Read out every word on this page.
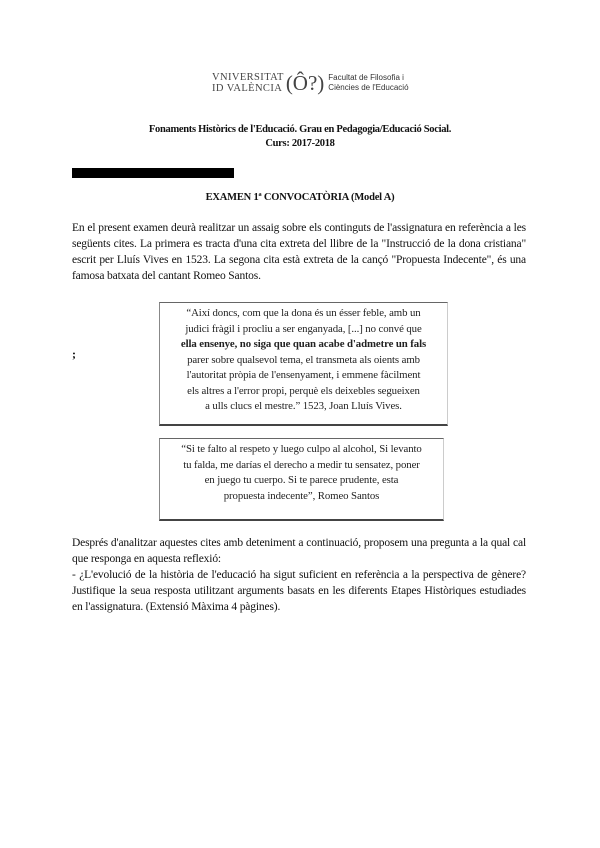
VNIVERSITAT
ID VALÈNCIA (Ô?) Facultat de Filosofia i
Ciències de l'Educació
Fonaments Històrics de l'Educació. Grau en Pedagogia/Educació Social.
Curs: 2017-2018
EXAMEN 1ª CONVOCATÒRIA (Model A)
En el present examen deurà realitzar un assaig sobre els continguts de l'assignatura en referència a les següents cites. La primera es tracta d'una cita extreta del llibre de la "Instrucció de la dona cristiana" escrit per Lluís Vives en 1523. La segona cita està extreta de la cançó "Propuesta Indecente", és una famosa batxata del cantant Romeo Santos.
;
“Així doncs, com que la dona és un ésser feble, amb un
judici fràgil i procliu a ser enganyada, [...] no convé que
ella ensenye, no siga que quan acabe d'admetre un fals
parer sobre qualsevol tema, el transmeta als oients amb
l'autoritat pròpia de l'ensenyament, i emmene fàcilment
els altres a l'error propi, perquè els deixebles segueixen
a ulls clucs el mestre.” 1523, Joan Lluís Vives.
“Si te falto al respeto y luego culpo al alcohol, Si levanto
tu falda, me darías el derecho a medir tu sensatez, poner
en juego tu cuerpo. Si te parece prudente, esta
propuesta indecente”, Romeo Santos
Després d'analitzar aquestes cites amb deteniment a continuació, proposem una pregunta a la qual cal que responga en aquesta reflexió:
- ¿L'evolució de la història de l'educació ha sigut suficient en referència a la perspectiva de gènere? Justifique la seua resposta utilitzant arguments basats en les diferents Etapes Històriques estudiades en l'assignatura. (Extensió Màxima 4 pàgines).
